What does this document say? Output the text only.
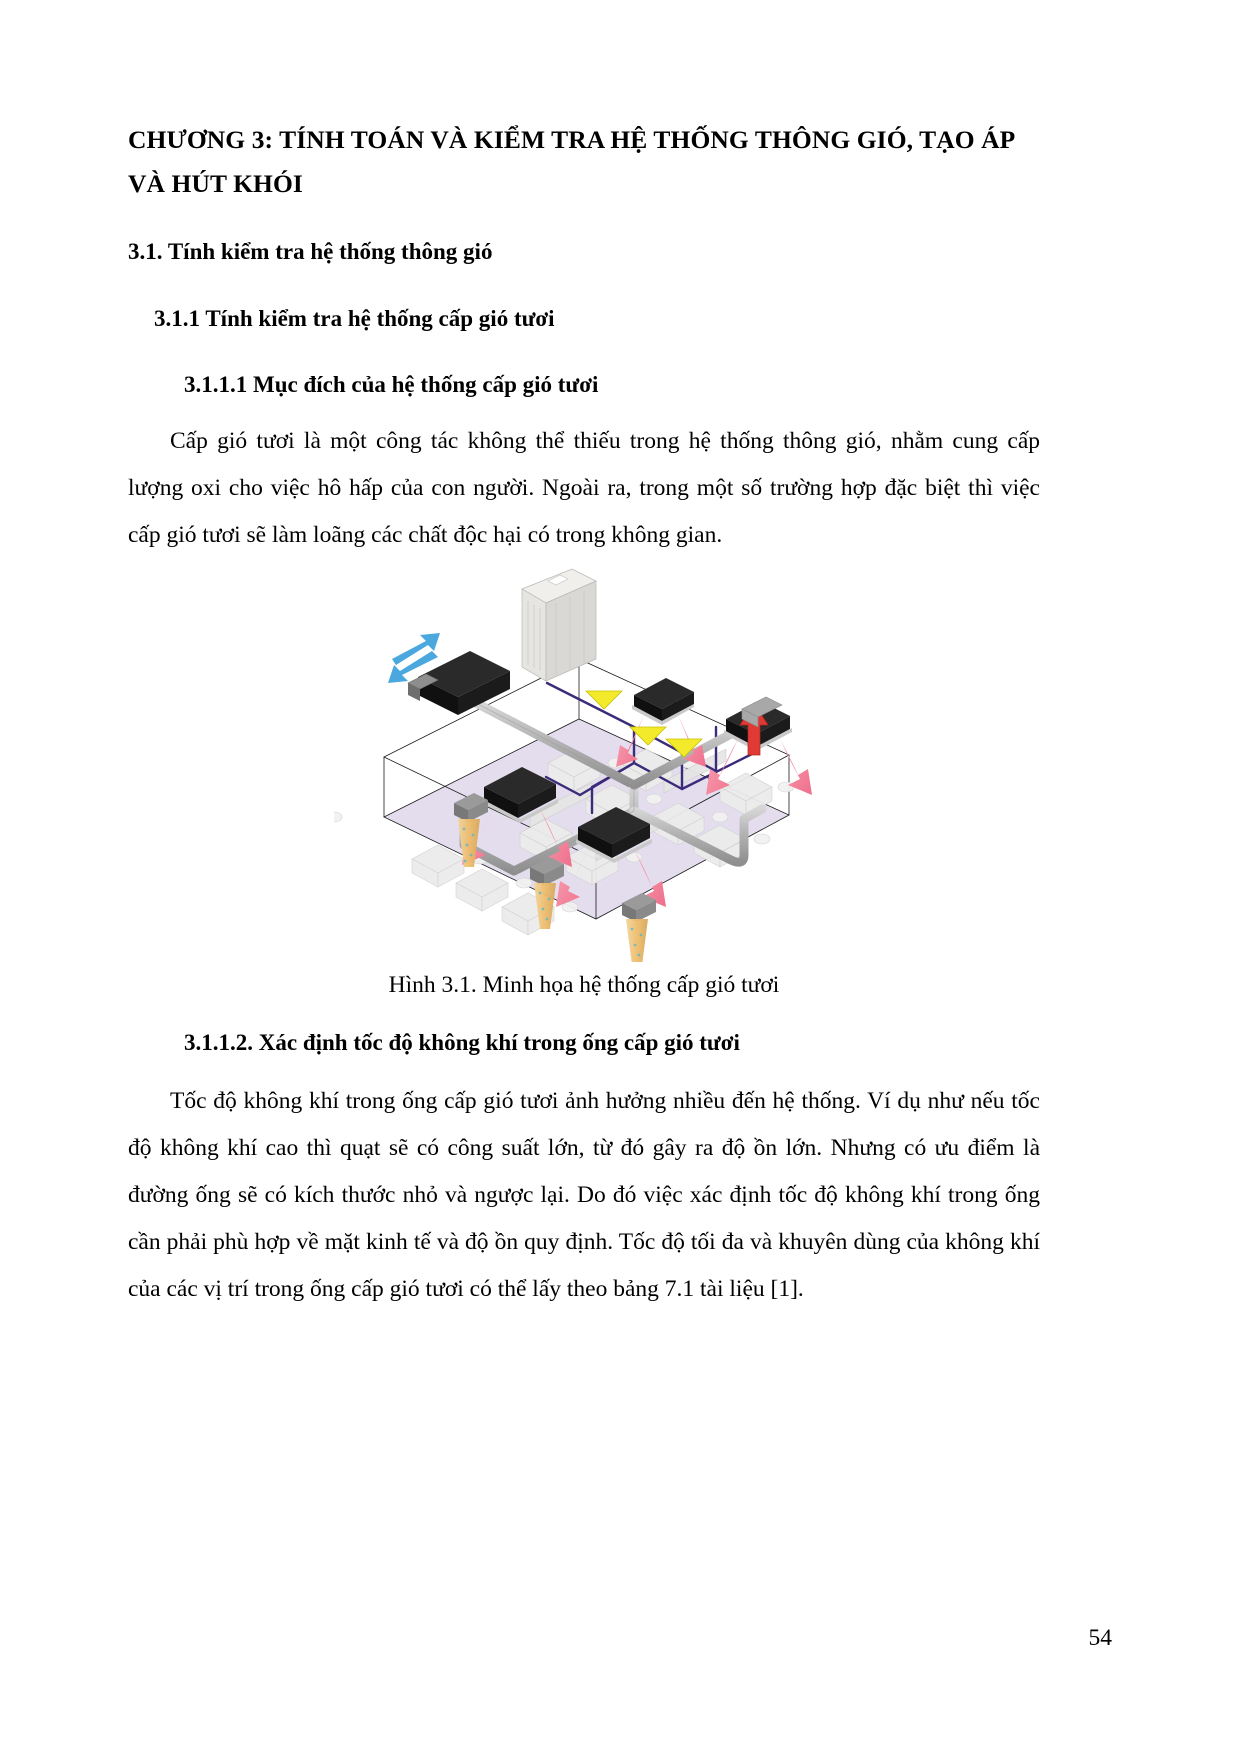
CHƯƠNG 3: TÍNH TOÁN VÀ KIỂM TRA HỆ THỐNG THÔNG GIÓ, TẠO ÁP VÀ HÚT KHÓI
3.1. Tính kiểm tra hệ thống thông gió
3.1.1 Tính kiểm tra hệ thống cấp gió tươi
3.1.1.1 Mục đích của hệ thống cấp gió tươi

Cấp gió tươi là một công tác không thể thiếu trong hệ thống thông gió, nhằm cung cấp lượng oxi cho việc hô hấp của con người. Ngoài ra, trong một số trường hợp đặc biệt thì việc cấp gió tươi sẽ làm loãng các chất độc hại có trong không gian.

Hình 3.1. Minh họa hệ thống cấp gió tươi
3.1.1.2. Xác định tốc độ không khí trong ống cấp gió tươi

Tốc độ không khí trong ống cấp gió tươi ảnh hưởng nhiều đến hệ thống. Ví dụ như nếu tốc độ không khí cao thì quạt sẽ có công suất lớn, từ đó gây ra độ ồn lớn. Nhưng có ưu điểm là đường ống sẽ có kích thước nhỏ và ngược lại. Do đó việc xác định tốc độ không khí trong ống cần phải phù hợp về mặt kinh tế và độ ồn quy định. Tốc độ tối đa và khuyên dùng của không khí của các vị trí trong ống cấp gió tươi có thể lấy theo bảng 7.1 tài liệu [1].

54
